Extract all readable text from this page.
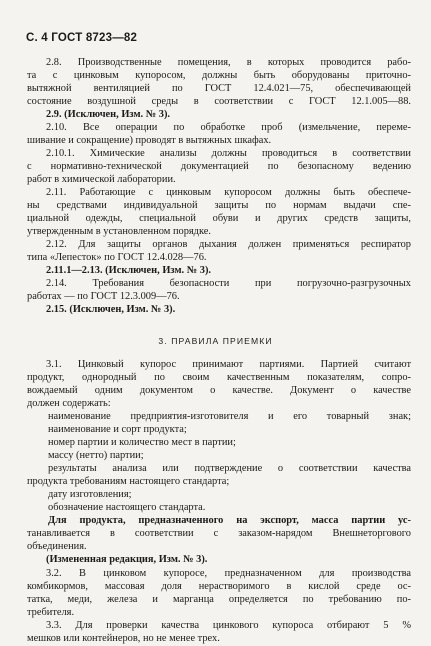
С. 4 ГОСТ 8723—82
2.8. Производственные помещения, в которых проводится рабо-
та с цинковым купоросом, должны быть оборудованы приточно-
вытяжной вентиляцией по ГОСТ 12.4.021—75, обеспечивающей
состояние воздушной среды в соответствии с ГОСТ 12.1.005—88.
2.9. (Исключен, Изм. № 3).
2.10. Все операции по обработке проб (измельчение, переме-
шивание и сокращение) проводят в вытяжных шкафах.
2.10.1. Химические анализы должны проводиться в соответствии
с нормативно-технической документацией по безопасному ведению
работ в химической лаборатории.
2.11. Работающие с цинковым купоросом должны быть обеспече-
ны средствами индивидуальной защиты по нормам выдачи спе-
циальной одежды, специальной обуви и других средств защиты,
утвержденным в установленном порядке.
2.12. Для защиты органов дыхания должен применяться респиратор
типа «Лепесток» по ГОСТ 12.4.028—76.
2.11.1—2.13. (Исключен, Изм. № 3).
2.14. Требования безопасности при погрузочно-разгрузочных
работах — по ГОСТ 12.3.009—76.
2.15. (Исключен, Изм. № 3).
3. ПРАВИЛА ПРИЕМКИ
3.1. Цинковый купорос принимают партиями. Партией считают
продукт, однородный по своим качественным показателям, сопро-
вождаемый одним документом о качестве. Документ о качестве
должен содержать:
наименование предприятия-изготовителя и его товарный знак;
наименование и сорт продукта;
номер партии и количество мест в партии;
массу (нетто) партии;
результаты анализа или подтверждение о соответствии качества
продукта требованиям настоящего стандарта;
дату изготовления;
обозначение настоящего стандарта.
Для продукта, предназначенного на экспорт, масса партии ус-
танавливается в соответствии с заказом-нарядом Внешнеторгового
объединения.
(Измененная редакция, Изм. № 3).
3.2. В цинковом купоросе, предназначенном для производства
комбикормов, массовая доля нерастворимого в кислой среде ос-
татка, меди, железа и марганца определяется по требованию по-
требителя.
3.3. Для проверки качества цинкового купороса отбирают 5 %
мешков или контейнеров, но не менее трех.
